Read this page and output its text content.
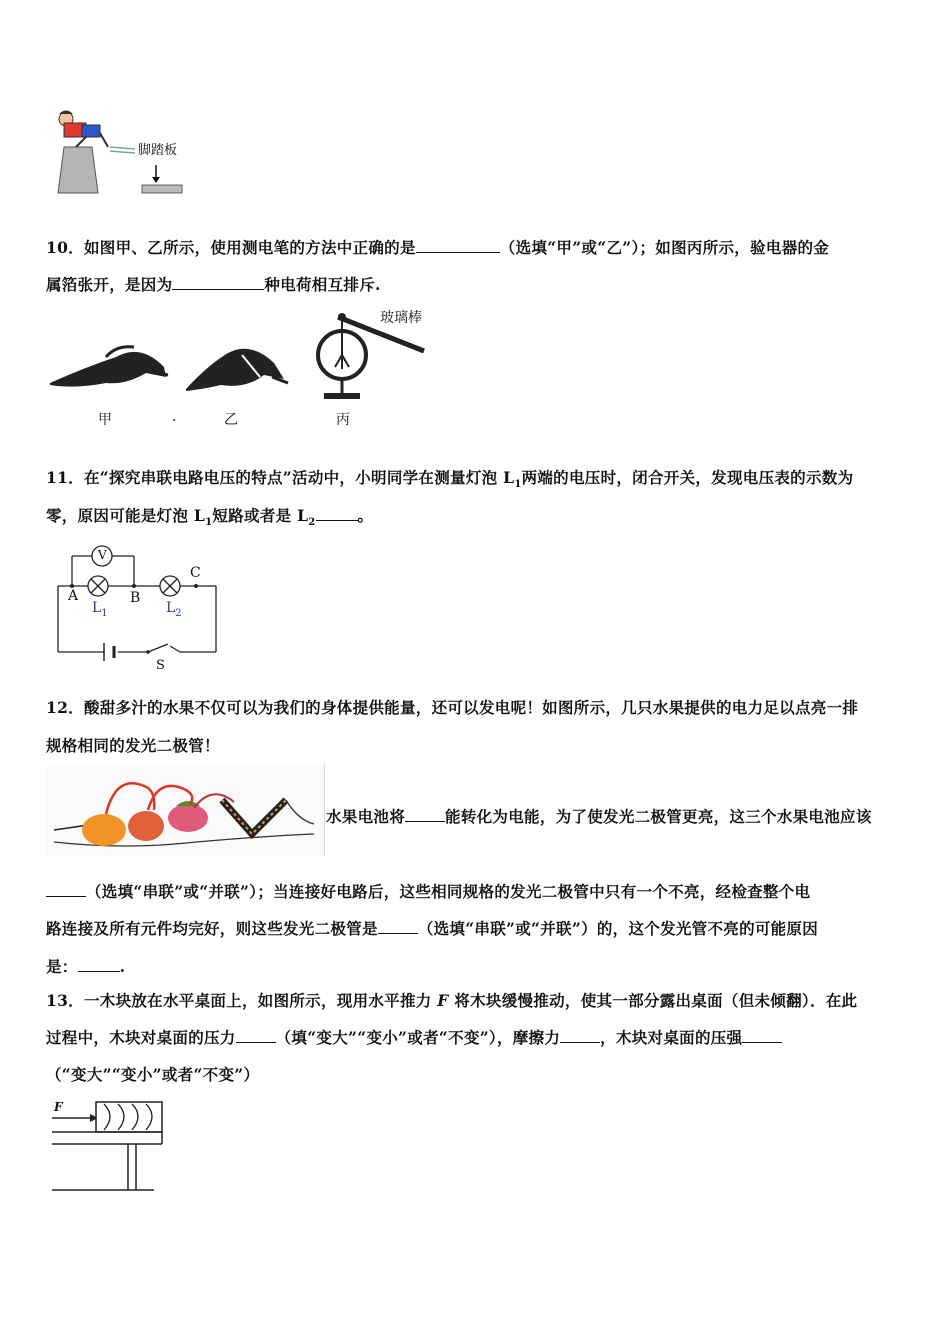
脚踏板
10．如图甲、乙所示，使用测电笔的方法中正确的是	（选填“甲”或“乙”）；如图丙所示，验电器的金
属箔张开，是因为	种电荷相互排斥.
甲	.	乙	丙
玻璃棒
11．在“探究串联电路电压的特点”活动中，小明同学在测量灯泡 $L_1$两端的电压时，闭合开关，发现电压表的示数为
零，原因可能是灯泡 $L_1$短路或者是 $L_2$	。
V
A	B
C
$L_1$	$L_2$
S
12．酸甜多汁的水果不仅可以为我们的身体提供能量，还可以发电呢！如图所示，几只水果提供的电力足以点亮一排
规格相同的发光二极管！
水果电池将	能转化为电能，为了使发光二极管更亮，这三个水果电池应该
（选填“串联”或“并联”）；当连接好电路后，这些相同规格的发光二极管中只有一个不亮，经检查整个电
路连接及所有元件均完好，则这些发光二极管是	（选填“串联”或“并联”）的，这个发光管不亮的可能原因
是：	.
13．一木块放在水平桌面上，如图所示，现用水平推力 F 将木块缓慢推动，使其一部分露出桌面（但未倾翻）．在此
过程中，木块对桌面的压力	（填“变大”“变小”或者“不变”），摩擦力	，木块对桌面的压强
（“变大”“变小”或者“不变”）
F
